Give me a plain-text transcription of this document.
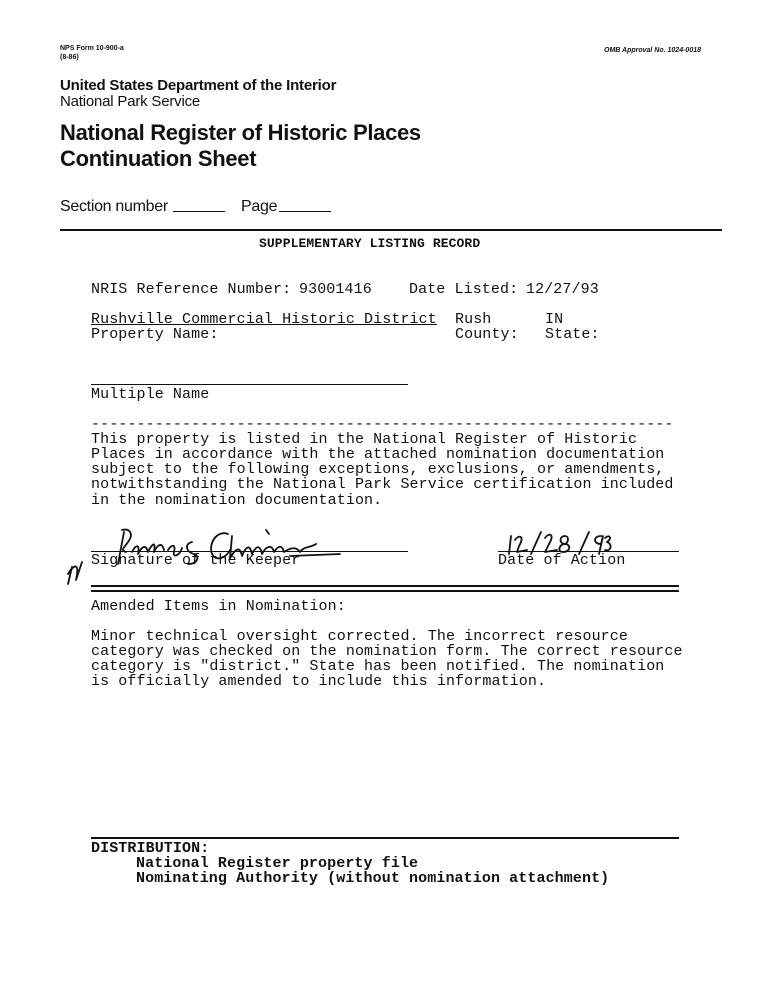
NPS Form 10-900-a
(8-86)
OMB Approval No. 1024-0018
United States Department of the Interior
National Park Service
National Register of Historic Places
Continuation Sheet
Section number	Page
SUPPLEMENTARY LISTING RECORD
NRIS Reference Number: 93001416 Date Listed: 12/27/93
Rushville Commercial Historic District Rush	IN
Property Name:	County: State:
Multiple Name
----------------------------------------------------------------
This property is listed in the National Register of Historic
Places in accordance with the attached nomination documentation
subject to the following exceptions, exclusions, or amendments,
notwithstanding the National Park Service certification included
in the nomination documentation.
Signature of the Keeper	Date of Action
Amended Items in Nomination:
Minor technical oversight corrected. The incorrect resource
category was checked on the nomination form. The correct resource
category is "district." State has been notified. The nomination
is officially amended to include this information.
DISTRIBUTION:
National Register property file
Nominating Authority (without nomination attachment)
